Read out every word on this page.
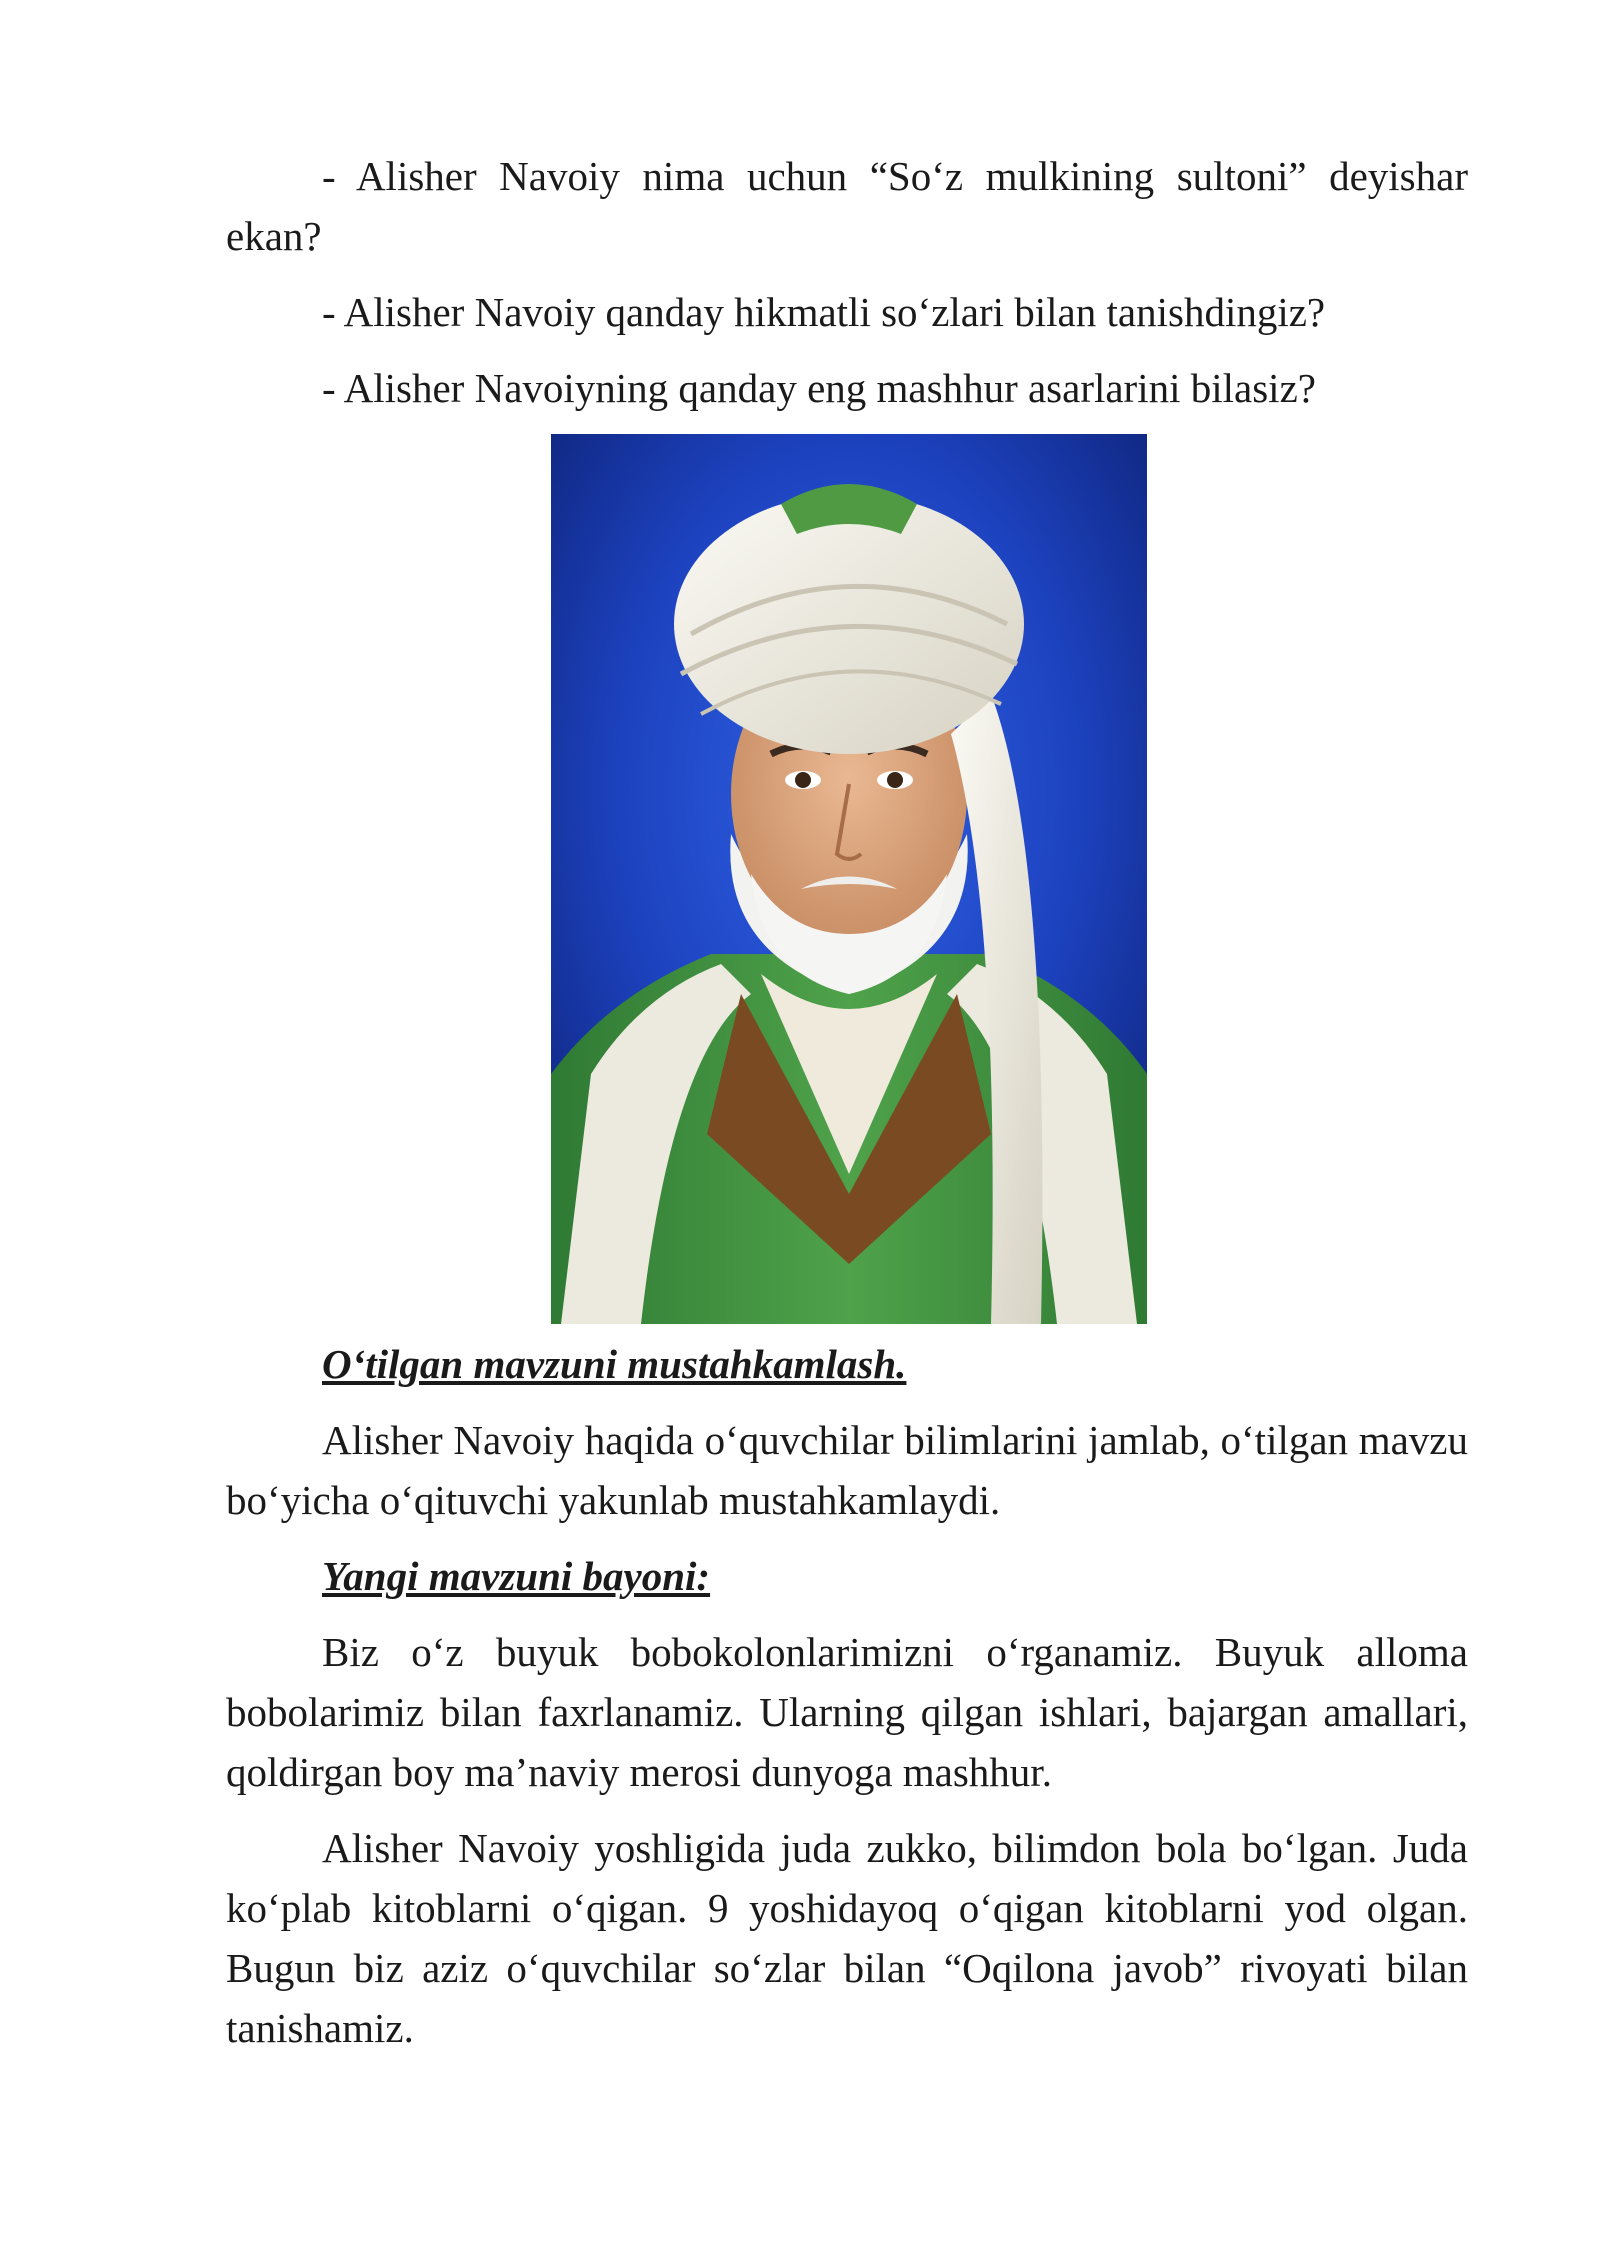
- Alisher Navoiy nima uchun “So‘z mulkining sultoni” deyishar ekan?

- Alisher Navoiy qanday hikmatli so‘zlari bilan tanishdingiz?

- Alisher Navoiyning qanday eng mashhur asarlarini bilasiz?

O‘tilgan mavzuni mustahkamlash.

Alisher Navoiy haqida o‘quvchilar bilimlarini jamlab, o‘tilgan mavzu bo‘yicha o‘qituvchi yakunlab mustahkamlaydi.

Yangi mavzuni bayoni:

Biz o‘z buyuk bobokolonlarimizni o‘rganamiz. Buyuk alloma bobolarimiz bilan faxrlanamiz. Ularning qilgan ishlari, bajargan amallari, qoldirgan boy ma’naviy merosi dunyoga mashhur.

Alisher Navoiy yoshligida juda zukko, bilimdon bola bo‘lgan. Juda ko‘plab kitoblarni o‘qigan. 9 yoshidayoq o‘qigan kitoblarni yod olgan. Bugun biz aziz o‘quvchilar so‘zlar bilan “Oqilona javob” rivoyati bilan tanishamiz.
